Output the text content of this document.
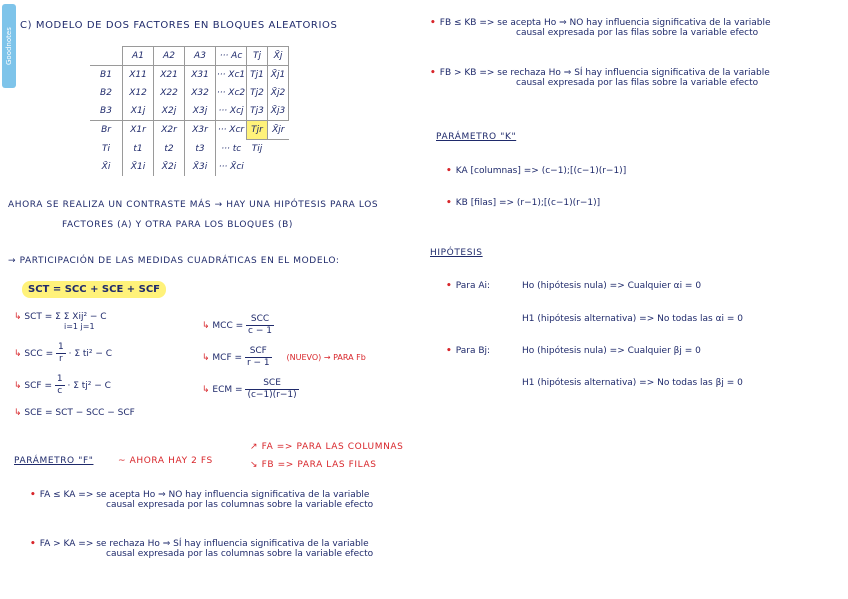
Goodnotes
C) MODELO DE DOS FACTORES EN BLOQUES ALEATORIOS
	A1	A2	A3	··· Ac	Tj	X̄j
B1	X11	X21	X31	··· Xc1	Tj1	X̄j1
B2	X12	X22	X32	··· Xc2	Tj2	X̄j2
B3	X1j	X2j	X3j	··· Xcj	Tj3	X̄j3
Br	X1r	X2r	X3r	··· Xcr	Tjr	X̄jr
Ti	t1	t2	t3	··· tc	Tij	
X̄i	X̄1i	X̄2i	X̄3i	··· X̄ci		
AHORA SE REALIZA UN CONTRASTE MÁS → HAY UNA HIPÓTESIS PARA LOS
FACTORES (A) Y OTRA PARA LOS BLOQUES (B)
→ PARTICIPACIÓN DE LAS MEDIDAS CUADRÁTICAS EN EL MODELO:
SCT = SCC + SCE + SCF
↳ SCT = Σ Σ Xij² − C
i=1 j=1
↳ SCC = $\frac{1}{r} \cdot \Sigma$ ti² − C
↳ SCF = $\frac{1}{c} \cdot \Sigma$ tj² − C
↳ SCE = SCT − SCC − SCF
↳ MCC = $\frac{\text{SCC}}{c - 1}$
↳ MCF = $\frac{\text{SCF}}{r - 1}$ (NUEVO) → PARA Fb
↳ ECM = $\frac{\text{SCE}}{(c-1)(r-1)}$
PARÁMETRO "F"	~ AHORA HAY 2 FS
↗ FA => PARA LAS COLUMNAS
↘ FB => PARA LAS FILAS
• FA ≤ KA => se acepta Ho ⇒ NO hay influencia significativa de la variable
causal expresada por las columnas sobre la variable efecto
• FA > KA => se rechaza Ho ⇒ SÍ hay influencia significativa de la variable
causal expresada por las columnas sobre la variable efecto
• FB ≤ KB => se acepta Ho ⇒ NO hay influencia significativa de la variable
causal expresada por las filas sobre la variable efecto
• FB > KB => se rechaza Ho ⇒ SÍ hay influencia significativa de la variable
causal expresada por las filas sobre la variable efecto
PARÁMETRO "K"
• KA [columnas] => (c−1);[(c−1)(r−1)]
• KB [filas] => (r−1);[(c−1)(r−1)]
HIPÓTESIS
• Para Ai:	Ho (hipótesis nula) => Cualquier αi = 0
H1 (hipótesis alternativa) => No todas las αi = 0
• Para Bj:	Ho (hipótesis nula) => Cualquier βj = 0
H1 (hipótesis alternativa) => No todas las βj = 0
